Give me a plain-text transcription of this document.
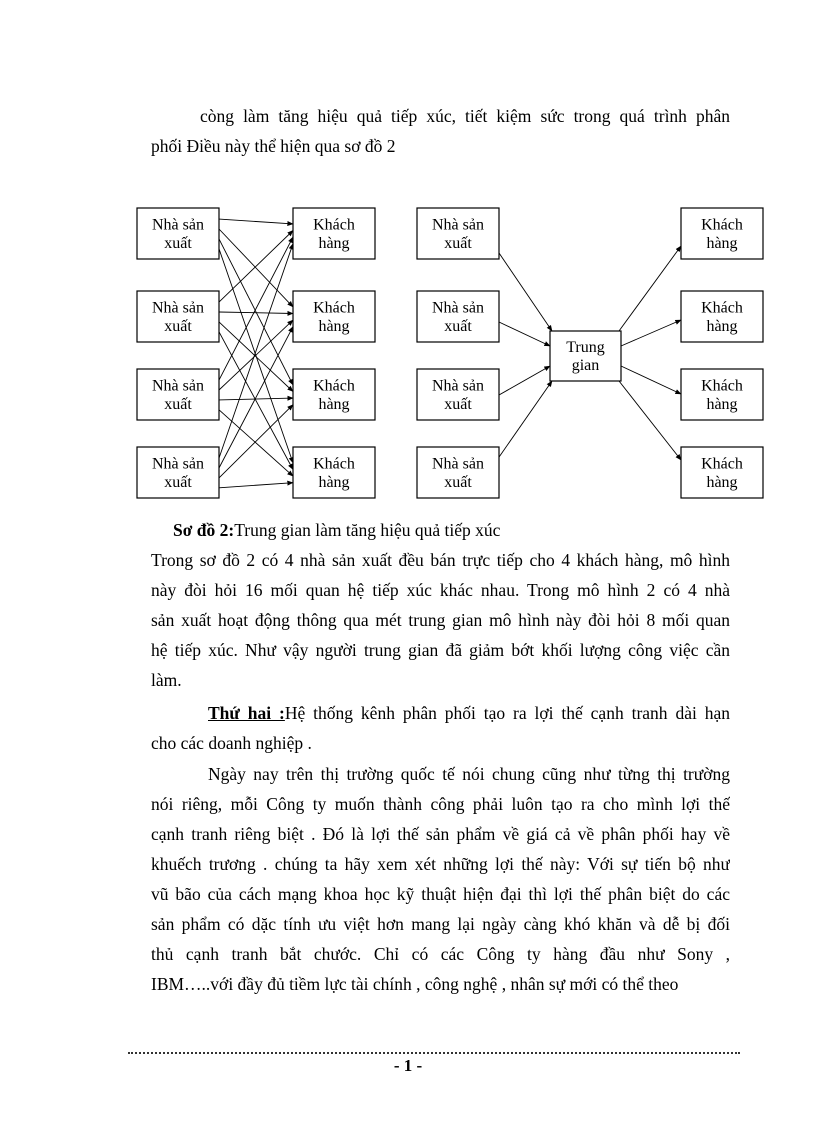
còng làm tăng hiệu quả tiếp xúc, tiết kiệm sức trong quá trình phân
phối Điều này thể hiện qua sơ đồ 2
Nhà sản
xuất
Khách
hàng
Nhà sản
xuất
Khách
hàng
Nhà sản
xuất
Khách
hàng
Nhà sản
xuất
Khách
hàng
Nhà sản
xuất
Khách
hàng
Nhà sản
xuất
Khách
hàng
Nhà sản
xuất
Khách
hàng
Nhà sản
xuất
Khách
hàng
Trung
gian
Sơ đồ 2:Trung gian làm tăng hiệu quả tiếp xúc
Trong sơ đồ 2 có 4 nhà sản xuất đều bán trực tiếp cho 4 khách hàng, mô hình
này đòi hỏi 16 mối quan hệ tiếp xúc khác nhau. Trong mô hình 2 có 4 nhà
sản xuất hoạt động thông qua mét trung gian mô hình này đòi hỏi 8 mối quan
hệ tiếp xúc. Như vậy người trung gian đã giảm bớt khối lượng công việc cần
làm.
Thứ hai :Hệ thống kênh phân phối tạo ra lợi thế cạnh tranh dài hạn
cho các doanh nghiệp .
Ngày nay trên thị trường quốc tế nói chung cũng như từng thị trường
nói riêng, mỗi Công ty muốn thành công phải luôn tạo ra cho mình lợi thế
cạnh tranh riêng biệt . Đó là lợi thế sản phẩm về giá cả về phân phối hay về
khuếch trương . chúng ta hãy xem xét những lợi thế này: Với sự tiến bộ như
vũ bão của cách mạng khoa học kỹ thuật hiện đại thì lợi thế phân biệt do các
sản phẩm có dặc tính ưu việt hơn mang lại ngày càng khó khăn và dễ bị đối
thủ cạnh tranh bắt chước. Chỉ có các Công ty hàng đầu như Sony ,
IBM…..với đầy đủ tiềm lực tài chính , công nghệ , nhân sự mới có thể theo
- 1 -
